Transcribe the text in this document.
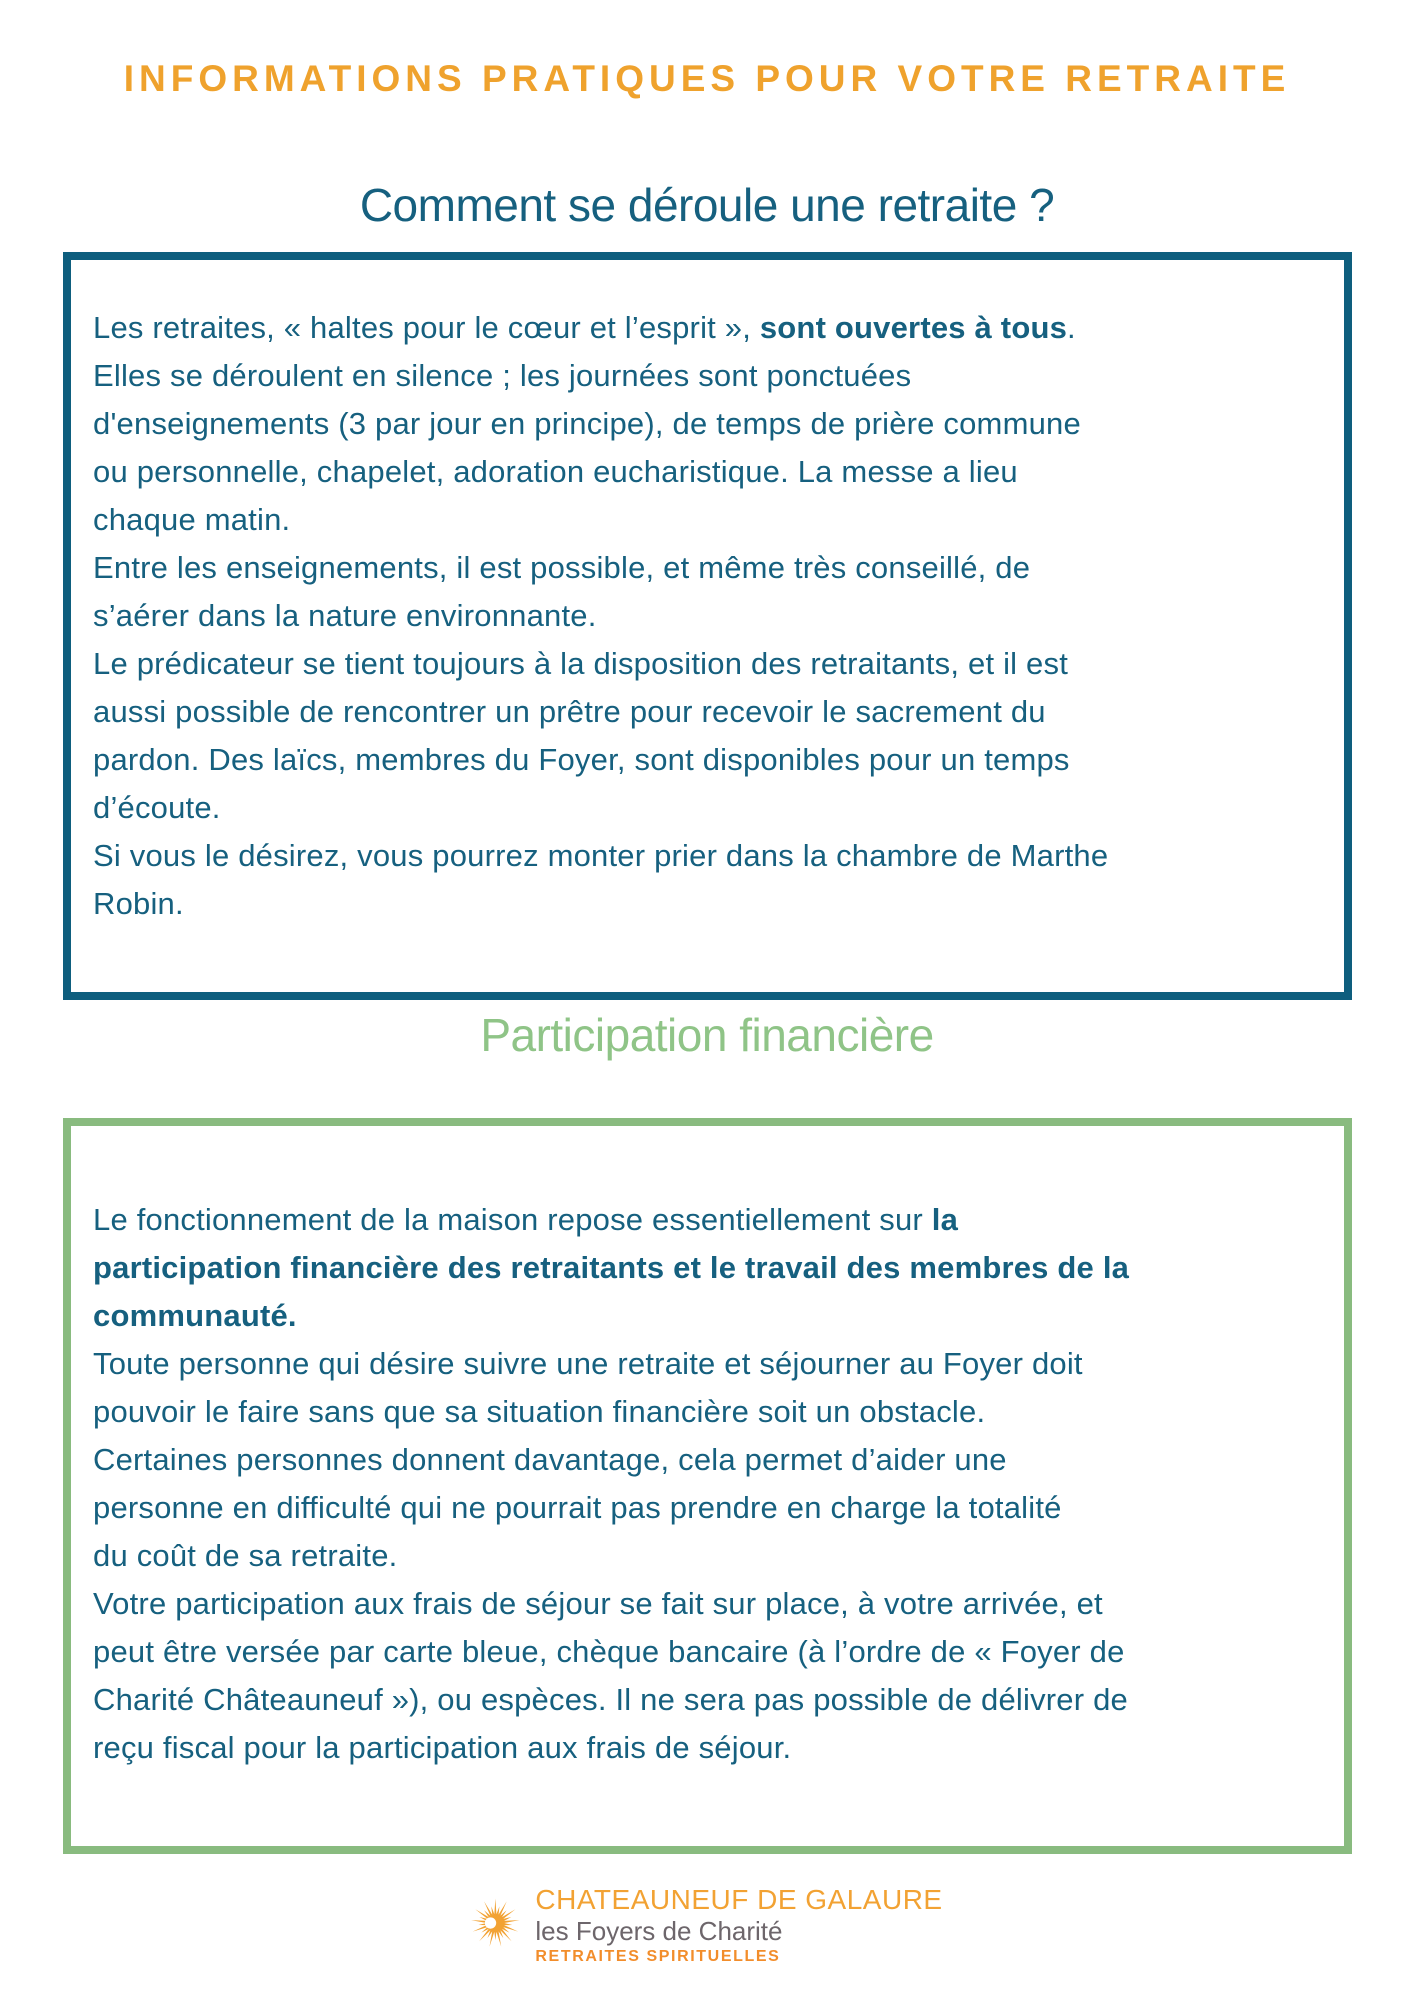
INFORMATIONS PRATIQUES POUR VOTRE RETRAITE
Comment se déroule une retraite ?
Les retraites, « haltes pour le cœur et l’esprit », sont ouvertes à tous.
Elles se déroulent en silence ; les journées sont ponctuées
d'enseignements (3 par jour en principe), de temps de prière commune
ou personnelle, chapelet, adoration eucharistique. La messe a lieu
chaque matin.
Entre les enseignements, il est possible, et même très conseillé, de
s’aérer dans la nature environnante.
Le prédicateur se tient toujours à la disposition des retraitants, et il est
aussi possible de rencontrer un prêtre pour recevoir le sacrement du
pardon. Des laïcs, membres du Foyer, sont disponibles pour un temps
d’écoute.
Si vous le désirez, vous pourrez monter prier dans la chambre de Marthe
Robin.
Participation financière
Le fonctionnement de la maison repose essentiellement sur la
participation financière des retraitants et le travail des membres de la
communauté.
Toute personne qui désire suivre une retraite et séjourner au Foyer doit
pouvoir le faire sans que sa situation financière soit un obstacle.
Certaines personnes donnent davantage, cela permet d’aider une
personne en difficulté qui ne pourrait pas prendre en charge la totalité
du coût de sa retraite.
Votre participation aux frais de séjour se fait sur place, à votre arrivée, et
peut être versée par carte bleue, chèque bancaire (à l’ordre de « Foyer de
Charité Châteauneuf »), ou espèces. Il ne sera pas possible de délivrer de
reçu fiscal pour la participation aux frais de séjour.
CHATEAUNEUF DE GALAURE
les Foyers de Charité
RETRAITES SPIRITUELLES
